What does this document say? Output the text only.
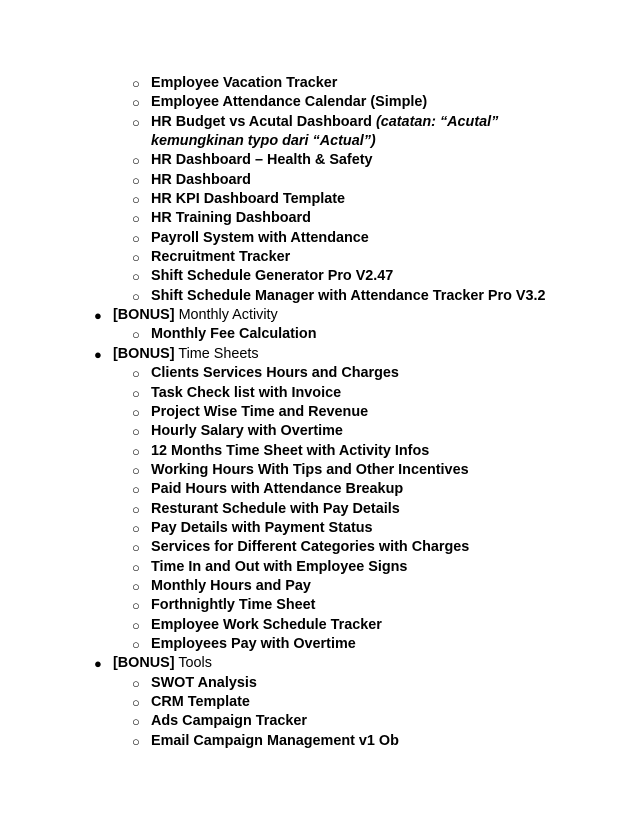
○ Employee Vacation Tracker
○ Employee Attendance Calendar (Simple)
○ HR Budget vs Acutal Dashboard (catatan: “Acutal”
kemungkinan typo dari “Actual”)
○ HR Dashboard – Health & Safety
○ HR Dashboard
○ HR KPI Dashboard Template
○ HR Training Dashboard
○ Payroll System with Attendance
○ Recruitment Tracker
○ Shift Schedule Generator Pro V2.47
○ Shift Schedule Manager with Attendance Tracker Pro V3.2
● [BONUS] Monthly Activity
○ Monthly Fee Calculation
● [BONUS] Time Sheets
○ Clients Services Hours and Charges
○ Task Check list with Invoice
○ Project Wise Time and Revenue
○ Hourly Salary with Overtime
○ 12 Months Time Sheet with Activity Infos
○ Working Hours With Tips and Other Incentives
○ Paid Hours with Attendance Breakup
○ Resturant Schedule with Pay Details
○ Pay Details with Payment Status
○ Services for Different Categories with Charges
○ Time In and Out with Employee Signs
○ Monthly Hours and Pay
○ Forthnightly Time Sheet
○ Employee Work Schedule Tracker
○ Employees Pay with Overtime
● [BONUS] Tools
○ SWOT Analysis
○ CRM Template
○ Ads Campaign Tracker
○ Email Campaign Management v1 Ob
